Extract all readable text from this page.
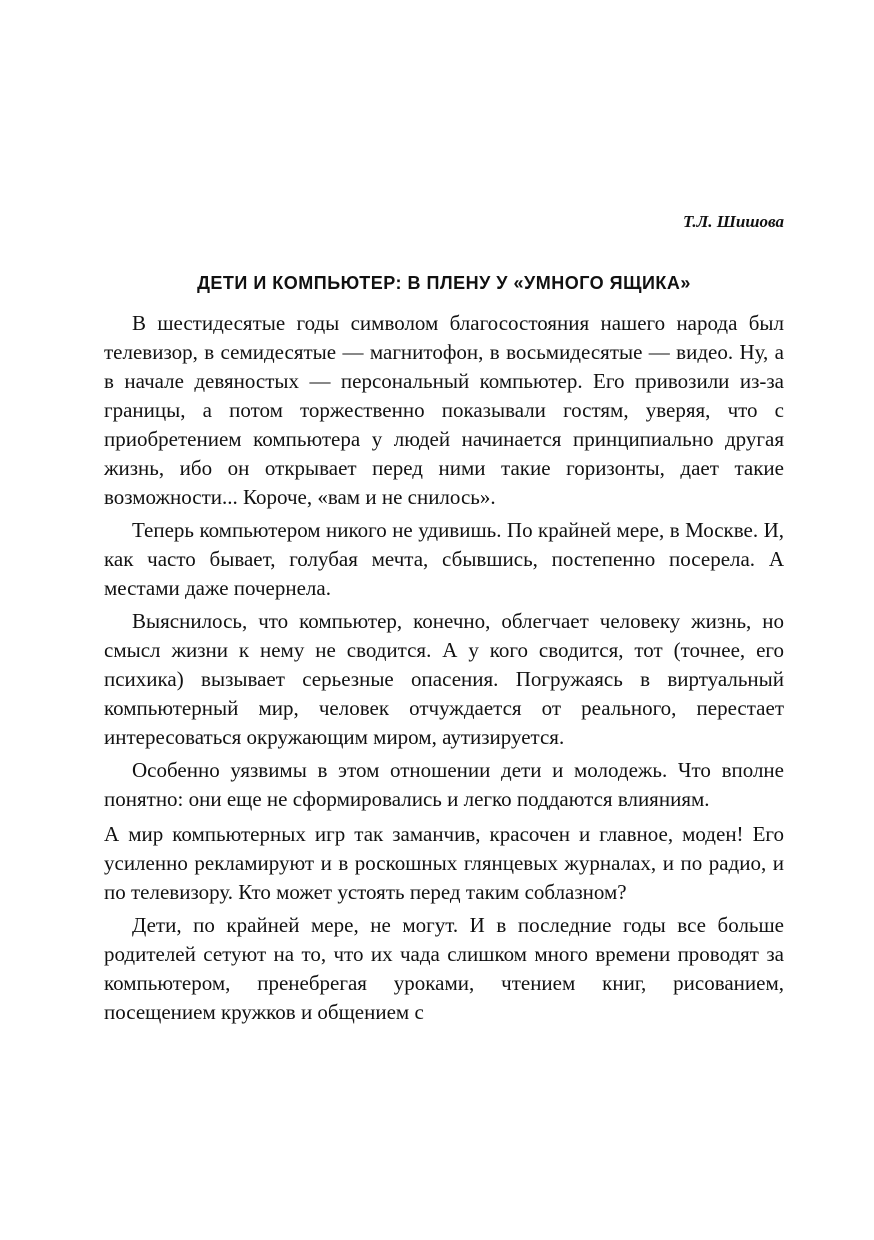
Т.Л. Шишова
ДЕТИ И КОМПЬЮТЕР: В ПЛЕНУ У «УМНОГО ЯЩИКА»

В шестидесятые годы символом благосостояния нашего народа был телевизор, в семидесятые — магнитофон, в восьмидесятые — видео. Ну, а в начале девяностых — персональный компьютер. Его привозили из-за границы, а потом торжественно показывали гостям, уверяя, что с приобретением компьютера у людей начинается принципиально другая жизнь, ибо он открывает перед ними такие горизонты, дает такие возможности... Короче, «вам и не снилось».

Теперь компьютером никого не удивишь. По крайней мере, в Москве. И, как часто бывает, голубая мечта, сбывшись, постепенно посерела. А местами даже почернела.

Выяснилось, что компьютер, конечно, облегчает человеку жизнь, но смысл жизни к нему не сводится. А у кого сводится, тот (точнее, его психика) вызывает серьезные опасения. Погружаясь в виртуальный компьютерный мир, человек отчуждается от реального, перестает интересоваться окружающим миром, аутизируется.

Особенно уязвимы в этом отношении дети и молодежь. Что вполне понятно: они еще не сформировались и легко поддаются влияниям.

А мир компьютерных игр так заманчив, красочен и главное, моден! Его усиленно рекламируют и в роскошных глянцевых журналах, и по радио, и по телевизору. Кто может устоять перед таким соблазном?

Дети, по крайней мере, не могут. И в последние годы все больше родителей сетуют на то, что их чада слишком много времени проводят за компьютером, пренебрегая уроками, чтением книг, рисованием, посещением кружков и общением с
